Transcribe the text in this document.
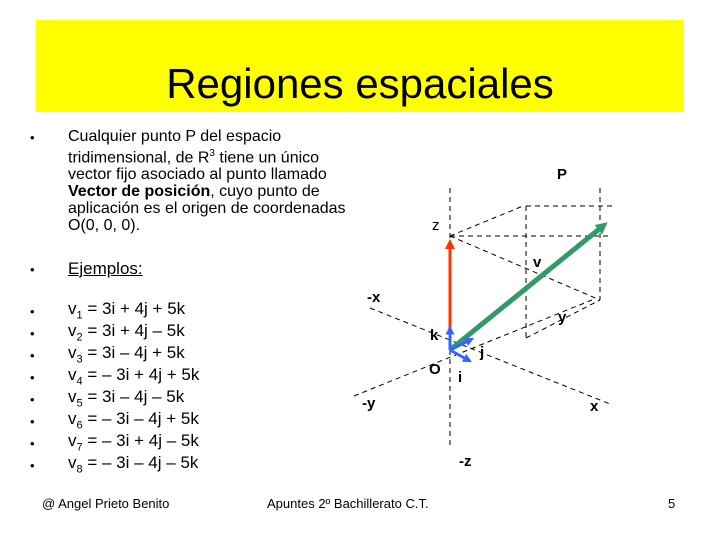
Regiones espaciales
• Cualquier punto P del espacio tridimensional, de $R^3$ tiene un único vector fijo asociado al punto llamado Vector de posición, cuyo punto de aplicación es el origen de coordenadas O(0, 0, 0).
• Ejemplos:
• $v_1 = 3i + 4j + 5k$
• $v_2 = 3i + 4j - 5k$
• $v_3 = 3i - 4j + 5k$
• $v_4$ = – 3i + 4j + 5k
• $v_5 = 3i - 4j - 5k$
• $v_6$ = – 3i – 4j + 5k
• $v_7$ = – 3i + 4j – 5k
• $v_8$ = – 3i – 4j – 5k
P
z
v
-x
y
k
j
O i
-y	x
-z
@ Angel Prieto Benito	Apuntes 2º Bachillerato C.T.	5
